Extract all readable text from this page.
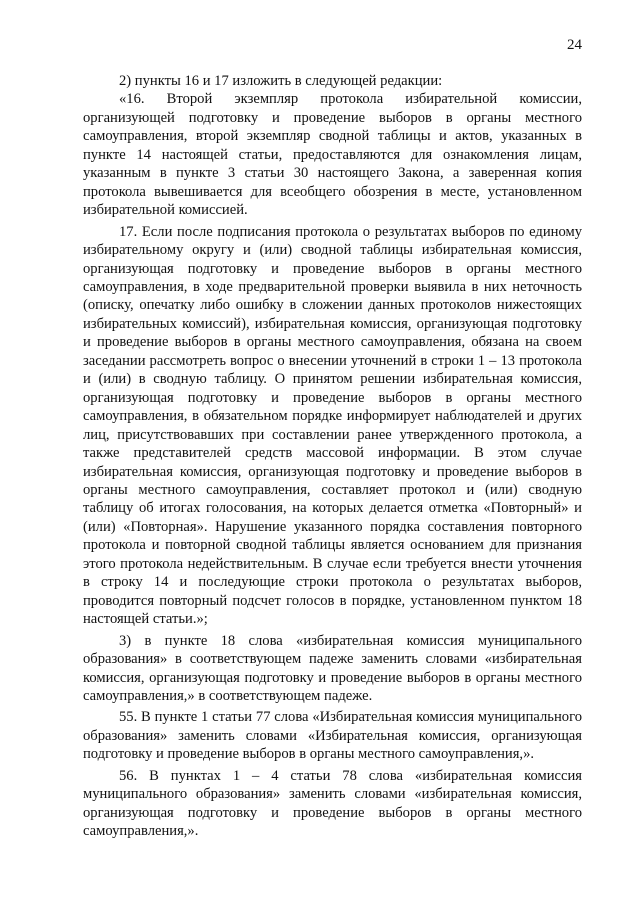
24

2) пункты 16 и 17 изложить в следующей редакции:

«16. Второй экземпляр протокола избирательной комиссии, организующей подготовку и проведение выборов в органы местного самоуправления, второй экземпляр сводной таблицы и актов, указанных в пункте 14 настоящей статьи, предоставляются для ознакомления лицам, указанным в пункте 3 статьи 30 настоящего Закона, а заверенная копия протокола вывешивается для всеобщего обозрения в месте, установленном избирательной комиссией.

17. Если после подписания протокола о результатах выборов по единому избирательному округу и (или) сводной таблицы избирательная комиссия, организующая подготовку и проведение выборов в органы местного самоуправления, в ходе предварительной проверки выявила в них неточность (описку, опечатку либо ошибку в сложении данных протоколов нижестоящих избирательных комиссий), избирательная комиссия, организующая подготовку и проведение выборов в органы местного самоуправления, обязана на своем заседании рассмотреть вопрос о внесении уточнений в строки 1 – 13 протокола и (или) в сводную таблицу. О принятом решении избирательная комиссия, организующая подготовку и проведение выборов в органы местного самоуправления, в обязательном порядке информирует наблюдателей и других лиц, присутствовавших при составлении ранее утвержденного протокола, а также представителей средств массовой информации. В этом случае избирательная комиссия, организующая подготовку и проведение выборов в органы местного самоуправления, составляет протокол и (или) сводную таблицу об итогах голосования, на которых делается отметка «Повторный» и (или) «Повторная». Нарушение указанного порядка составления повторного протокола и повторной сводной таблицы является основанием для признания этого протокола недействительным. В случае если требуется внести уточнения в строку 14 и последующие строки протокола о результатах выборов, проводится повторный подсчет голосов в порядке, установленном пунктом 18 настоящей статьи.»;

3) в пункте 18 слова «избирательная комиссия муниципального образования» в соответствующем падеже заменить словами «избирательная комиссия, организующая подготовку и проведение выборов в органы местного самоуправления,» в соответствующем падеже.

55. В пункте 1 статьи 77 слова «Избирательная комиссия муниципального образования» заменить словами «Избирательная комиссия, организующая подготовку и проведение выборов в органы местного самоуправления,».

56. В пунктах 1 – 4 статьи 78 слова «избирательная комиссия муниципального образования» заменить словами «избирательная комиссия, организующая подготовку и проведение выборов в органы местного самоуправления,».
